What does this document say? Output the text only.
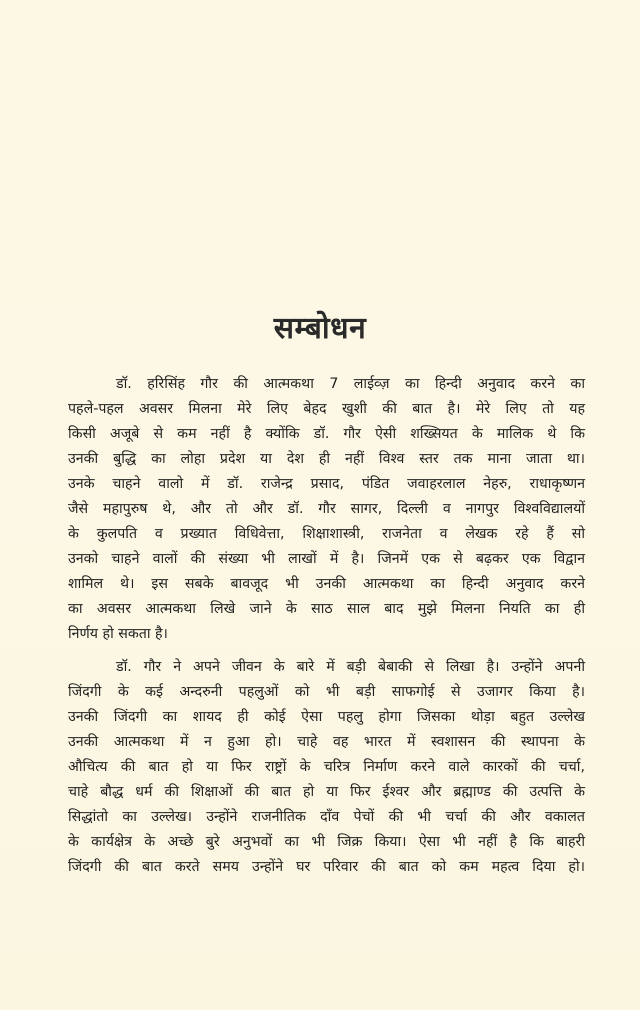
सम्बोधन
डॉ. हरिसिंह गौर की आत्मकथा 7 लाईव्ज़ का हिन्दी अनुवाद करने का
पहले-पहल अवसर मिलना मेरे लिए बेहद खुशी की बात है। मेरे लिए तो यह
किसी अजूबे से कम नहीं है क्योंकि डॉ. गौर ऐसी शख्सियत के मालिक थे कि
उनकी बुद्धि का लोहा प्रदेश या देश ही नहीं विश्व स्तर तक माना जाता था।
उनके चाहने वालो में डॉ. राजेन्द्र प्रसाद, पंडित जवाहरलाल नेहरु, राधाकृष्णन
जैसे महापुरुष थे, और तो और डॉ. गौर सागर, दिल्ली व नागपुर विश्वविद्यालयों
के कुलपति व प्रख्यात विधिवेत्ता, शिक्षाशास्त्री, राजनेता व लेखक रहे हैं सो
उनको चाहने वालों की संख्या भी लाखों में है। जिनमें एक से बढ़कर एक विद्वान
शामिल थे। इस सबके बावजूद भी उनकी आत्मकथा का हिन्दी अनुवाद करने
का अवसर आत्मकथा लिखे जाने के साठ साल बाद मुझे मिलना नियति का ही
निर्णय हो सकता है।
डॉ. गौर ने अपने जीवन के बारे में बड़ी बेबाकी से लिखा है। उन्होंने अपनी
जिंदगी के कई अन्दरुनी पहलुओं को भी बड़ी साफगोई से उजागर किया है।
उनकी जिंदगी का शायद ही कोई ऐसा पहलु होगा जिसका थोड़ा बहुत उल्लेख
उनकी आत्मकथा में न हुआ हो। चाहे वह भारत में स्वशासन की स्थापना के
औचित्य की बात हो या फिर राष्ट्रों के चरित्र निर्माण करने वाले कारकों की चर्चा,
चाहे बौद्ध धर्म की शिक्षाओं की बात हो या फिर ईश्वर और ब्रह्माण्ड की उत्पत्ति के
सिद्धांतो का उल्लेख। उन्होंने राजनीतिक दाँव पेचों की भी चर्चा की और वकालत
के कार्यक्षेत्र के अच्छे बुरे अनुभवों का भी जिक्र किया। ऐसा भी नहीं है कि बाहरी
जिंदगी की बात करते समय उन्होंने घर परिवार की बात को कम महत्व दिया हो।
